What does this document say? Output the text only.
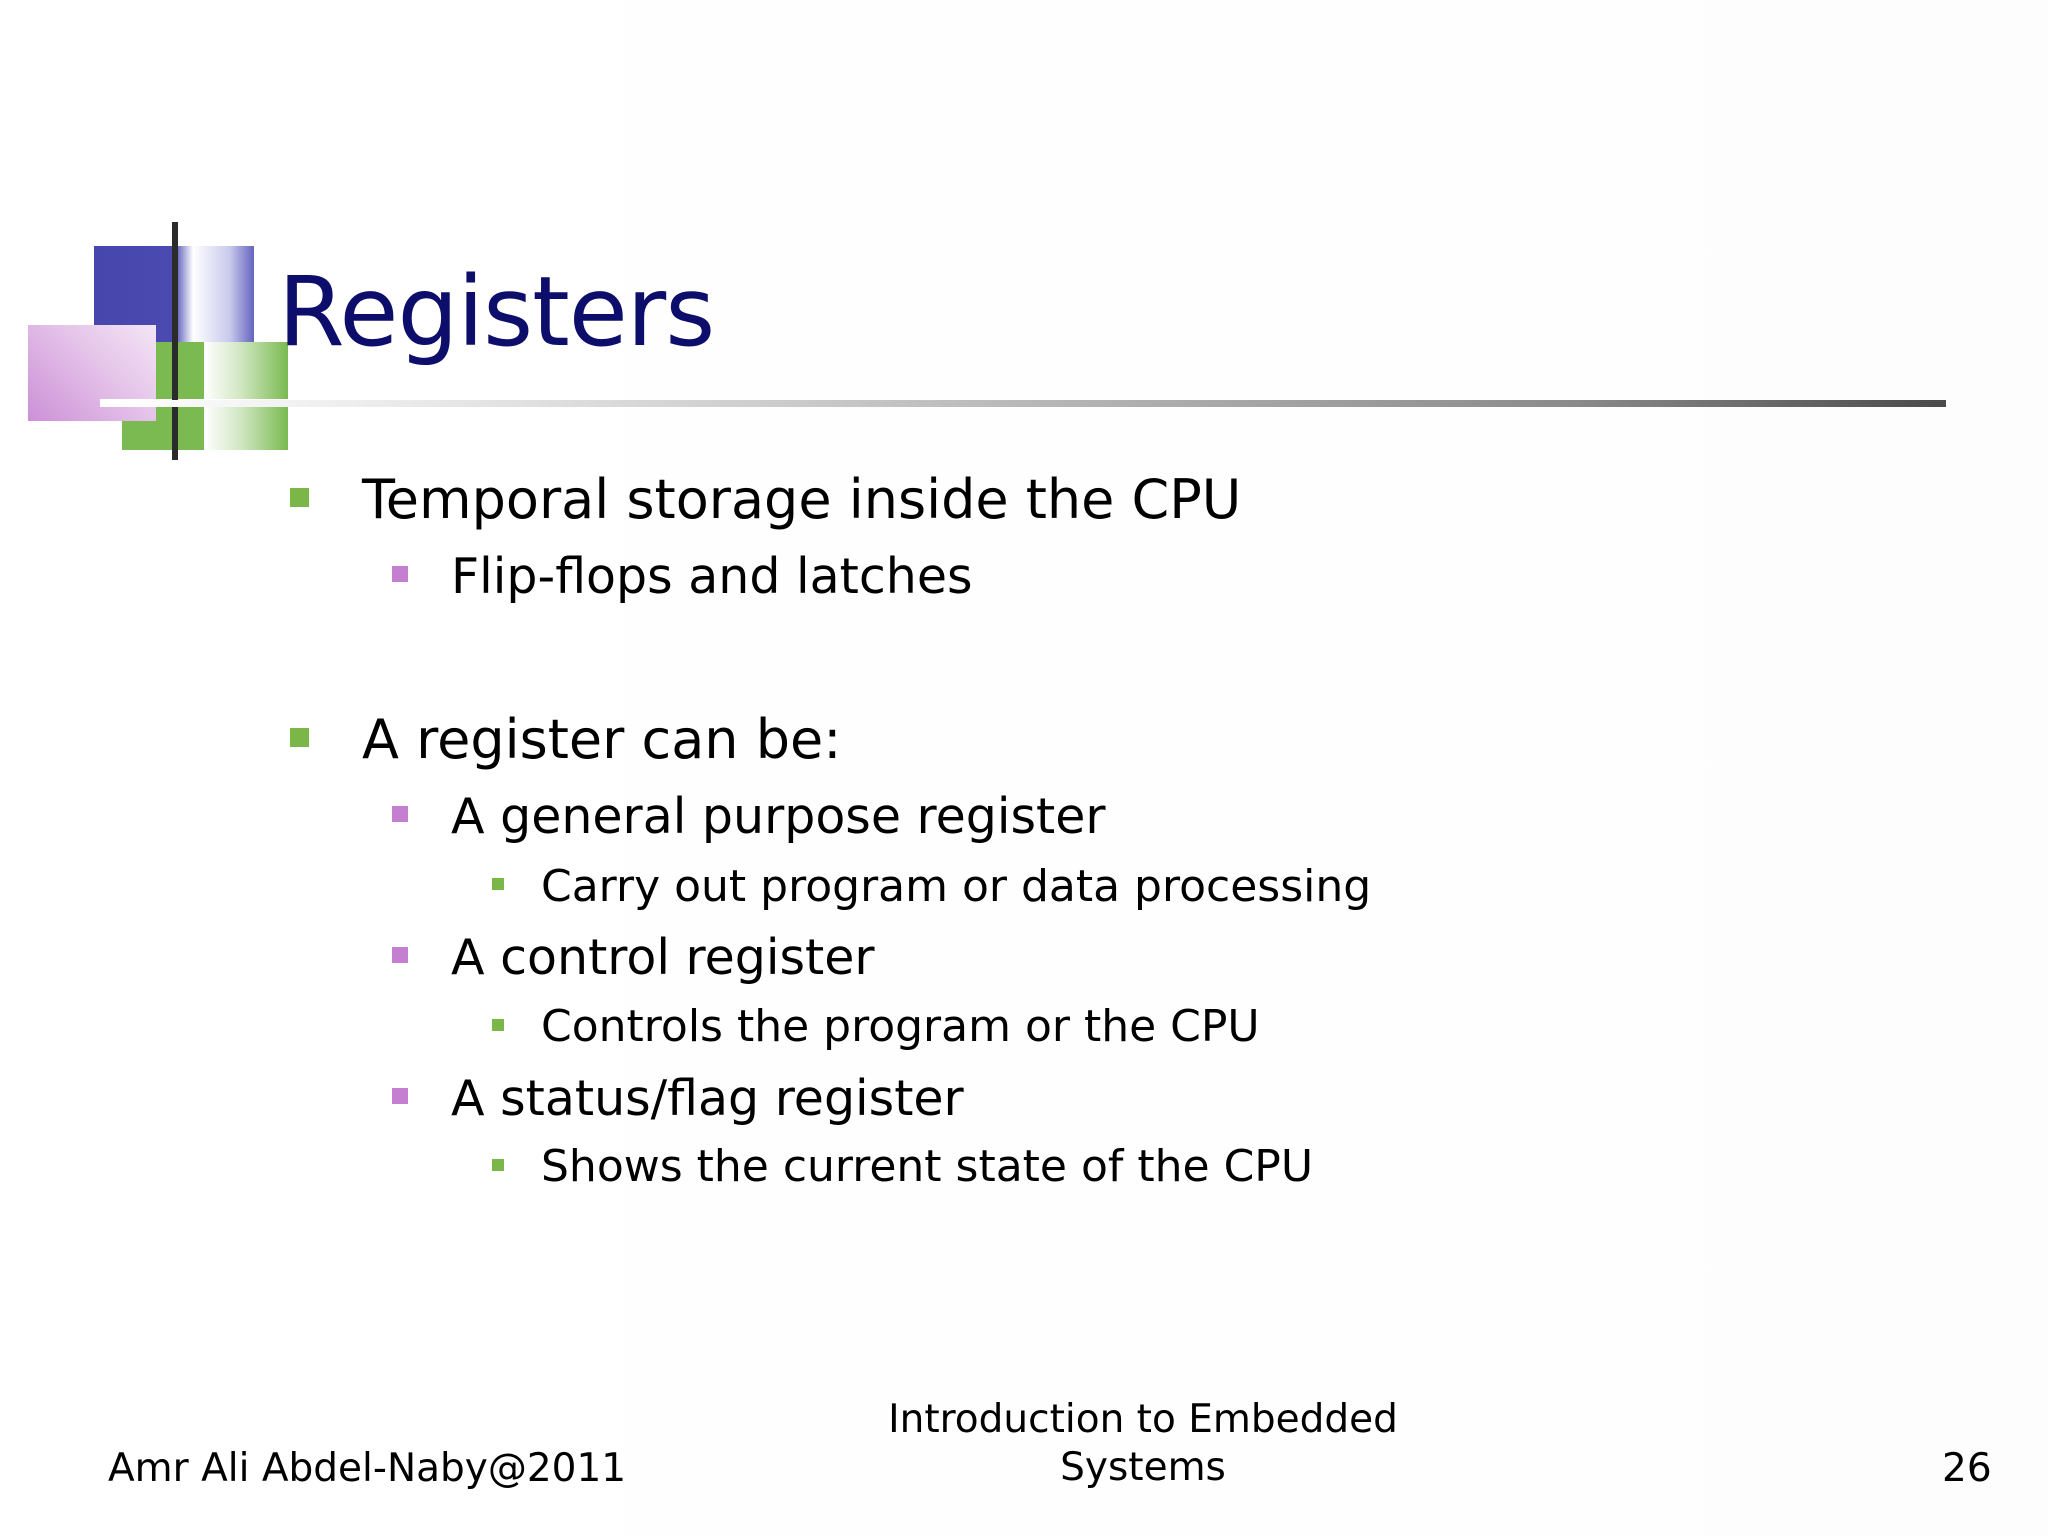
Registers
Temporal storage inside the CPU
Flip-flops and latches
A register can be:
A general purpose register
Carry out program or data processing
A control register
Controls the program or the CPU
A status/flag register
Shows the current state of the CPU
Amr Ali Abdel-Naby@2011
Introduction to Embedded
Systems	26
